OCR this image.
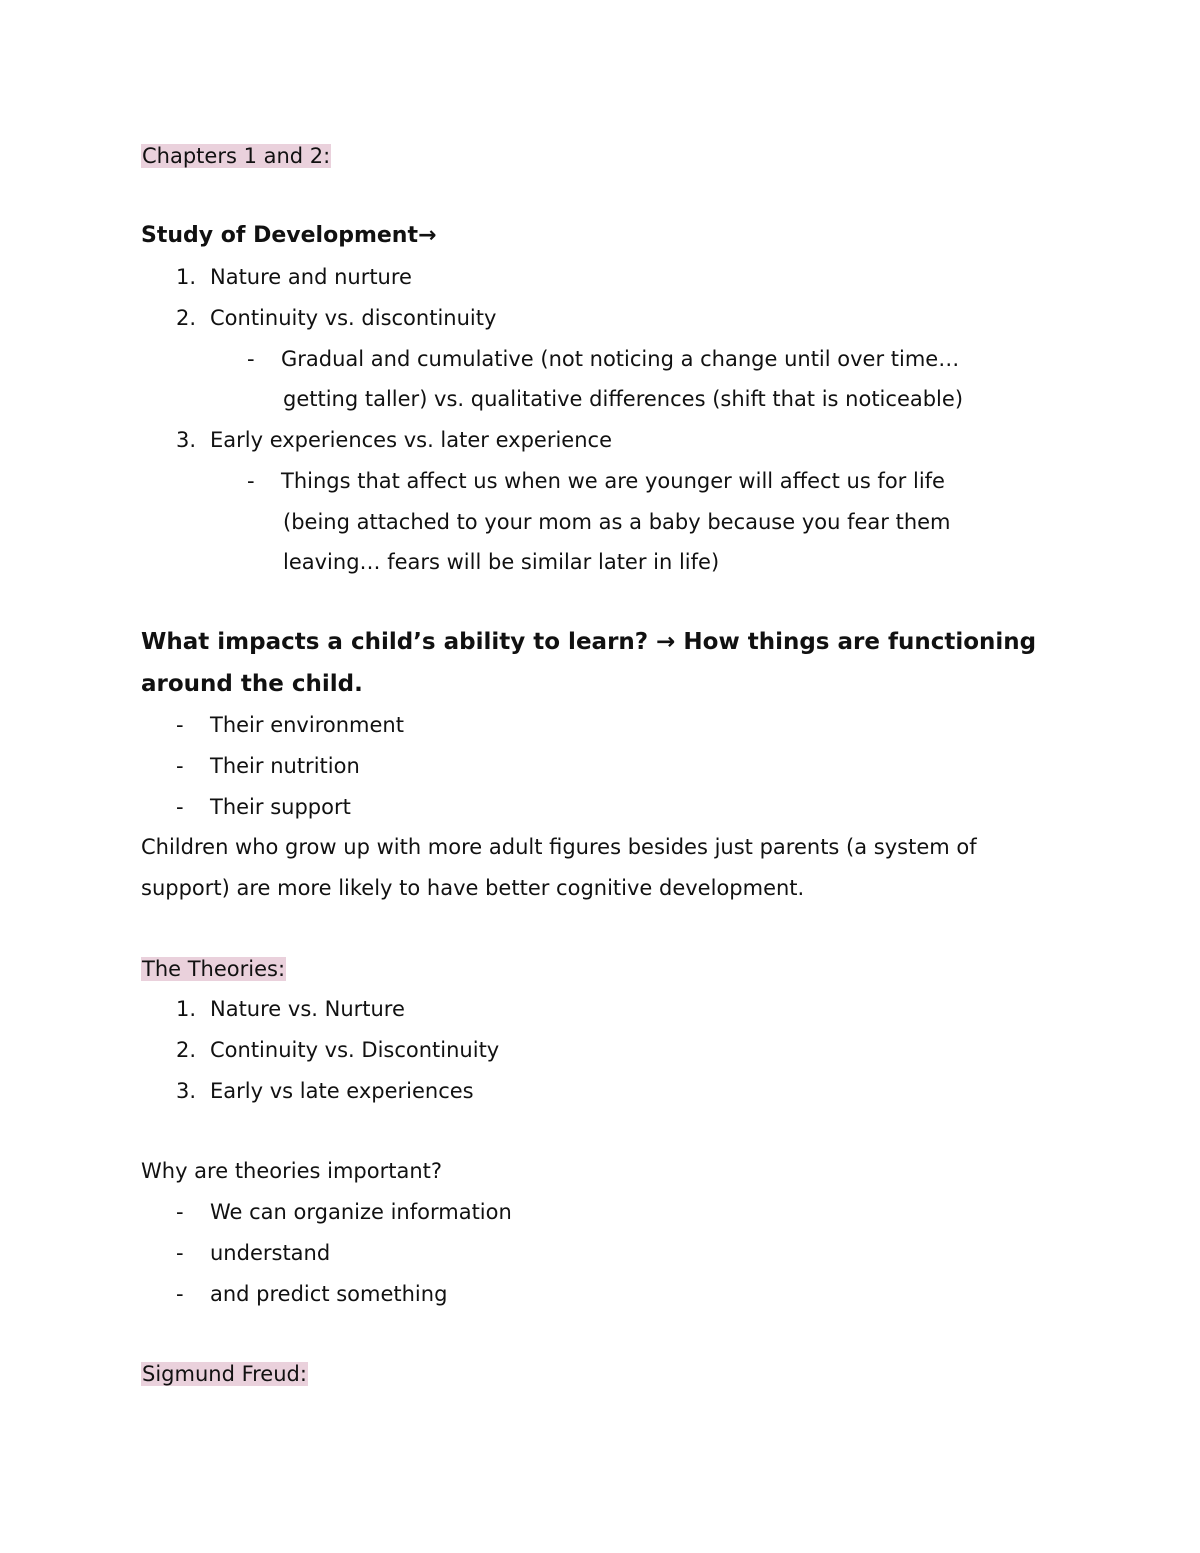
Chapters 1 and 2:
Study of Development→
1. Nature and nurture
2. Continuity vs. discontinuity
- Gradual and cumulative (not noticing a change until over time…
getting taller) vs. qualitative differences (shift that is noticeable)
3. Early experiences vs. later experience
- Things that affect us when we are younger will affect us for life
(being attached to your mom as a baby because you fear them
leaving… fears will be similar later in life)
What impacts a child’s ability to learn? → How things are functioning
around the child.
- Their environment
- Their nutrition
- Their support
Children who grow up with more adult figures besides just parents (a system of
support) are more likely to have better cognitive development.
The Theories:
1. Nature vs. Nurture
2. Continuity vs. Discontinuity
3. Early vs late experiences
Why are theories important?
- We can organize information
- understand
- and predict something
Sigmund Freud:
